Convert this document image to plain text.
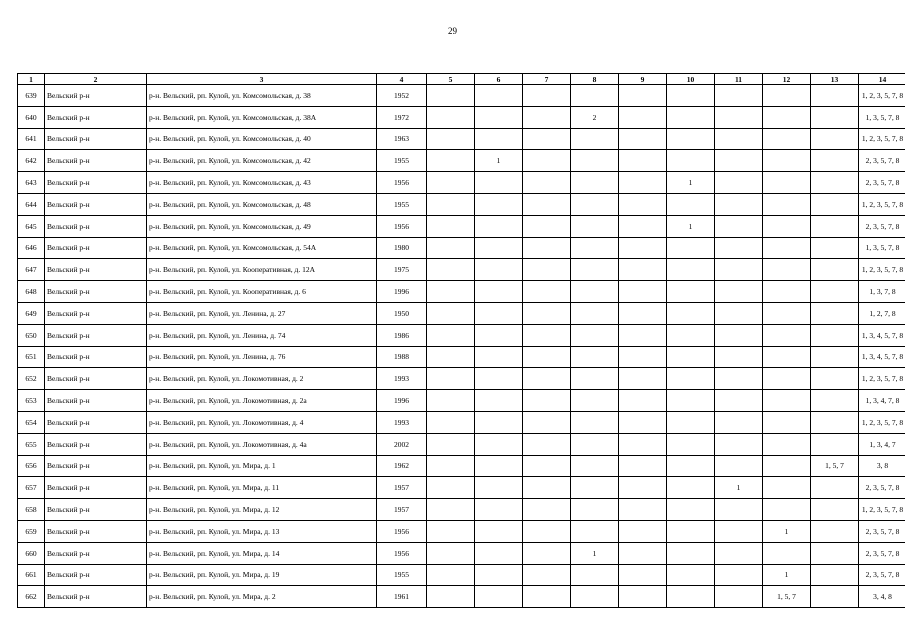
29
1	2	3	4	5	6	7	8	9	10	11	12	13	14
639	Вельский р-н	р-н. Вельский, рп. Кулой, ул. Комсомольская, д. 38	1952										1, 2, 3, 5, 7, 8
640	Вельский р-н	р-н. Вельский, рп. Кулой, ул. Комсомольская, д. 38А	1972				2						1, 3, 5, 7, 8
641	Вельский р-н	р-н. Вельский, рп. Кулой, ул. Комсомольская, д. 40	1963										1, 2, 3, 5, 7, 8
642	Вельский р-н	р-н. Вельский, рп. Кулой, ул. Комсомольская, д. 42	1955		1								2, 3, 5, 7, 8
643	Вельский р-н	р-н. Вельский, рп. Кулой, ул. Комсомольская, д. 43	1956						1				2, 3, 5, 7, 8
644	Вельский р-н	р-н. Вельский, рп. Кулой, ул. Комсомольская, д. 48	1955										1, 2, 3, 5, 7, 8
645	Вельский р-н	р-н. Вельский, рп. Кулой, ул. Комсомольская, д. 49	1956						1				2, 3, 5, 7, 8
646	Вельский р-н	р-н. Вельский, рп. Кулой, ул. Комсомольская, д. 54А	1980										1, 3, 5, 7, 8
647	Вельский р-н	р-н. Вельский, рп. Кулой, ул. Кооперативная, д. 12А	1975										1, 2, 3, 5, 7, 8
648	Вельский р-н	р-н. Вельский, рп. Кулой, ул. Кооперативная, д. 6	1996										1, 3, 7, 8
649	Вельский р-н	р-н. Вельский, рп. Кулой, ул. Ленина, д. 27	1950										1, 2, 7, 8
650	Вельский р-н	р-н. Вельский, рп. Кулой, ул. Ленина, д. 74	1986										1, 3, 4, 5, 7, 8
651	Вельский р-н	р-н. Вельский, рп. Кулой, ул. Ленина, д. 76	1988										1, 3, 4, 5, 7, 8
652	Вельский р-н	р-н. Вельский, рп. Кулой, ул. Локомотивная, д. 2	1993										1, 2, 3, 5, 7, 8
653	Вельский р-н	р-н. Вельский, рп. Кулой, ул. Локомотивная, д. 2а	1996										1, 3, 4, 7, 8
654	Вельский р-н	р-н. Вельский, рп. Кулой, ул. Локомотивная, д. 4	1993										1, 2, 3, 5, 7, 8
655	Вельский р-н	р-н. Вельский, рп. Кулой, ул. Локомотивная, д. 4а	2002										1, 3, 4, 7
656	Вельский р-н	р-н. Вельский, рп. Кулой, ул. Мира, д. 1	1962									1, 5, 7	3, 8
657	Вельский р-н	р-н. Вельский, рп. Кулой, ул. Мира, д. 11	1957							1			2, 3, 5, 7, 8
658	Вельский р-н	р-н. Вельский, рп. Кулой, ул. Мира, д. 12	1957										1, 2, 3, 5, 7, 8
659	Вельский р-н	р-н. Вельский, рп. Кулой, ул. Мира, д. 13	1956								1		2, 3, 5, 7, 8
660	Вельский р-н	р-н. Вельский, рп. Кулой, ул. Мира, д. 14	1956				1						2, 3, 5, 7, 8
661	Вельский р-н	р-н. Вельский, рп. Кулой, ул. Мира, д. 19	1955								1		2, 3, 5, 7, 8
662	Вельский р-н	р-н. Вельский, рп. Кулой, ул. Мира, д. 2	1961								1, 5, 7		3, 4, 8
